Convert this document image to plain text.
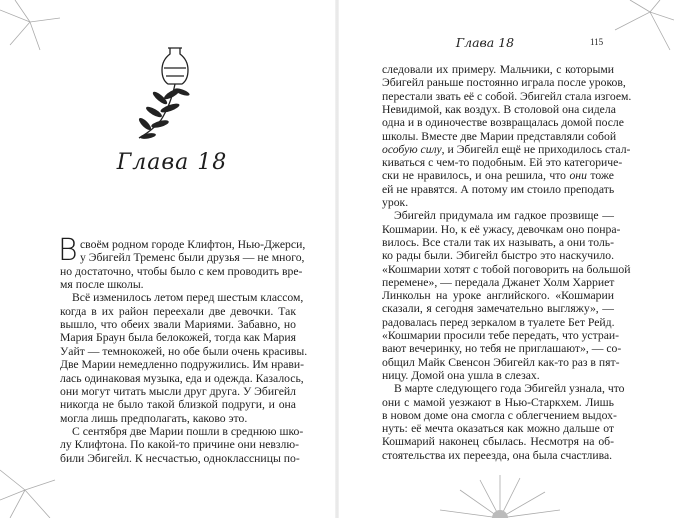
Глава 18
В
Глава 18	115
своём родном городе Клифтон, Нью-Джерси,
у Эбигейл Тременс были друзья — не много,
но достаточно, чтобы было с кем проводить вре-
мя после школы.
Всё изменилось летом перед шестым классом,
когда в их район переехали две девочки. Так
вышло, что обеих звали Мариями. Забавно, но
Мария Браун была белокожей, тогда как Мария
Уайт — темнокожей, но обе были очень красивы.
Две Марии немедленно подружились. Им нрави-
лась одинаковая музыка, еда и одежда. Казалось,
они могут читать мысли друг друга. У Эбигейл
никогда не было такой близкой подруги, и она
могла лишь предполагать, каково это.
С сентября две Марии пошли в среднюю шко-
лу Клифтона. По какой-то причине они невзлю-
били Эбигейл. К несчастью, одноклассницы по-
следовали их примеру. Мальчики, с которыми
Эбигейл раньше постоянно играла после уроков,
перестали звать её с собой. Эбигейл стала изгоем.
Невидимой, как воздух. В столовой она сидела
одна и в одиночестве возвращалась домой после
школы. Вместе две Марии представляли собой
особую силу, и Эбигейл ещё не приходилось стал-
киваться с чем-то подобным. Ей это категориче-
ски не нравилось, и она решила, что они тоже
ей не нравятся. А потому им стоило преподать
урок.
Эбигейл придумала им гадкое прозвище —
Кошмарии. Но, к её ужасу, девочкам оно понра-
вилось. Все стали так их называть, а они толь-
ко рады были. Эбигейл быстро это наскучило.
«Кошмарии хотят с тобой поговорить на большой
перемене», — передала Джанет Холм Харриет
Линкольн на уроке английского. «Кошмарии
сказали, я сегодня замечательно выгляжу», —
радовалась перед зеркалом в туалете Бет Рейд.
«Кошмарии просили тебе передать, что устраи-
вают вечеринку, но тебя не приглашают», — со-
общил Майк Свенсон Эбигейл как-то раз в пят-
ницу. Домой она ушла в слезах.
В марте следующего года Эбигейл узнала, что
они с мамой уезжают в Нью-Старкхем. Лишь
в новом доме она смогла с облегчением выдох-
нуть: её мечта оказаться как можно дальше от
Кошмарий наконец сбылась. Несмотря на об-
стоятельства их переезда, она была счастлива.
